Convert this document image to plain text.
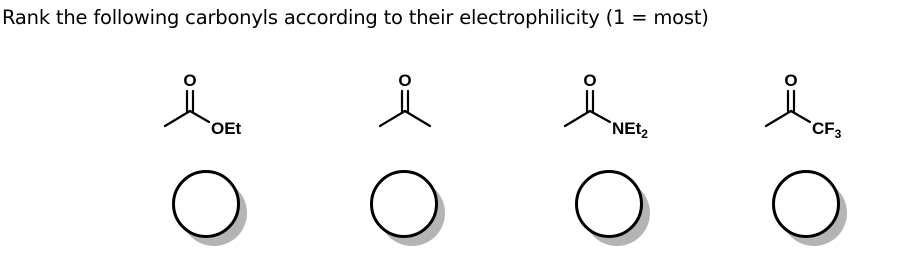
Rank the following carbonyls according to their electrophilicity (1 = most)
O
OEt
O	O
NEt$_2$
O
$CF_3$
